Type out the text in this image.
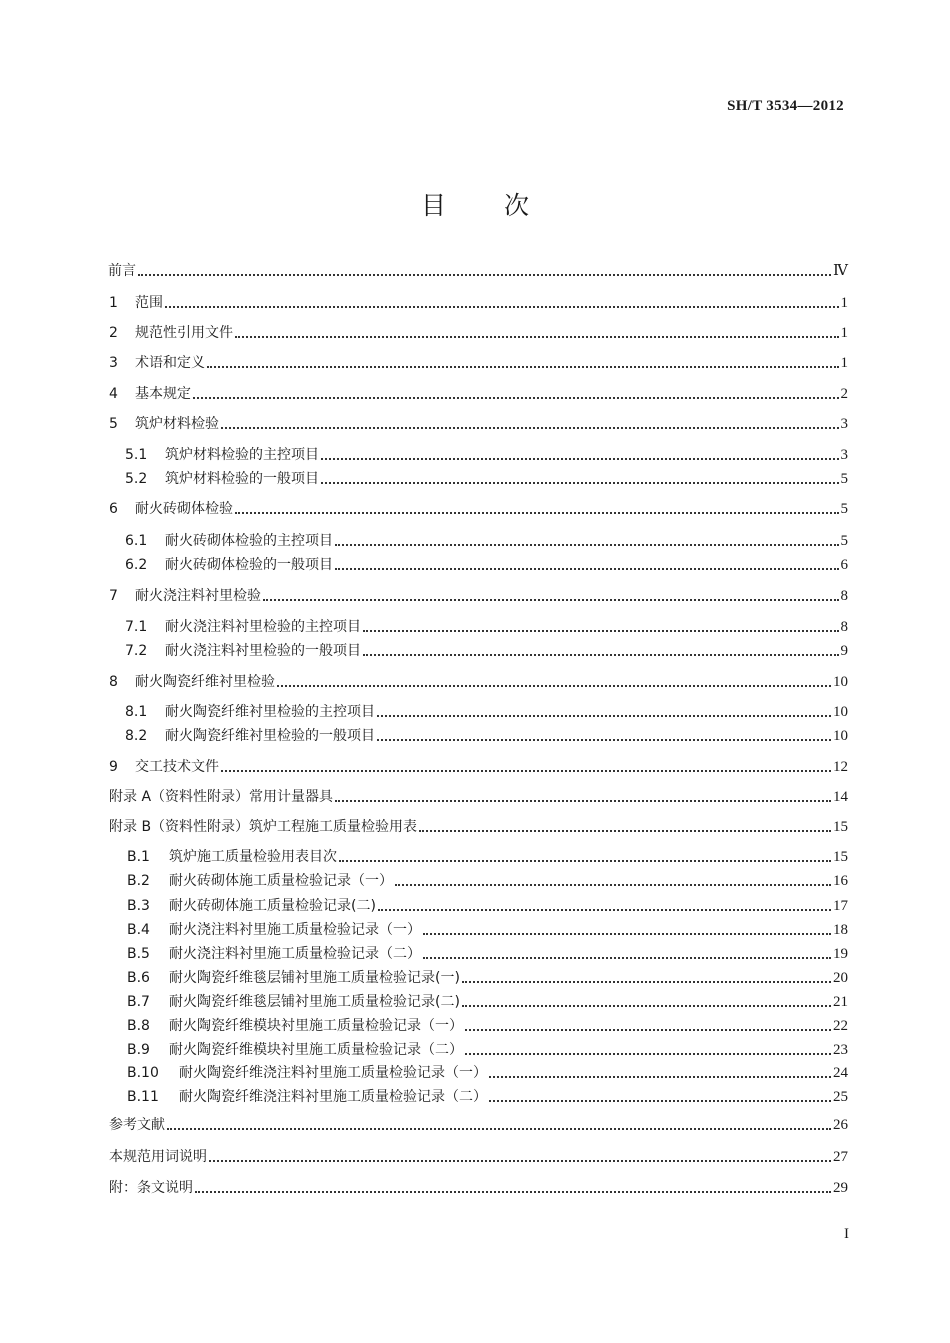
SH/T 3534—2012
目次
前言	Ⅳ
1	范围	1
2	规范性引用文件	1
3	术语和定义	1
4	基本规定	2
5	筑炉材料检验	3
5.1	筑炉材料检验的主控项目	3
5.2	筑炉材料检验的一般项目	5
6	耐火砖砌体检验	5
6.1	耐火砖砌体检验的主控项目	5
6.2	耐火砖砌体检验的一般项目	6
7	耐火浇注料衬里检验	8
7.1	耐火浇注料衬里检验的主控项目	8
7.2	耐火浇注料衬里检验的一般项目	9
8	耐火陶瓷纤维衬里检验	10
8.1	耐火陶瓷纤维衬里检验的主控项目	10
8.2	耐火陶瓷纤维衬里检验的一般项目	10
9	交工技术文件	12
附录 A（资料性附录）常用计量器具	14
附录 B（资料性附录）筑炉工程施工质量检验用表	15
B.1	筑炉施工质量检验用表目次	15
B.2	耐火砖砌体施工质量检验记录（一）	16
B.3	耐火砖砌体施工质量检验记录(二)	17
B.4	耐火浇注料衬里施工质量检验记录（一）	18
B.5	耐火浇注料衬里施工质量检验记录（二）	19
B.6	耐火陶瓷纤维毯层铺衬里施工质量检验记录(一)	20
B.7	耐火陶瓷纤维毯层铺衬里施工质量检验记录(二)	21
B.8	耐火陶瓷纤维模块衬里施工质量检验记录（一）	22
B.9	耐火陶瓷纤维模块衬里施工质量检验记录（二）	23
B.10	耐火陶瓷纤维浇注料衬里施工质量检验记录（一）	24
B.11	耐火陶瓷纤维浇注料衬里施工质量检验记录（二）	25
参考文献	26
本规范用词说明	27
附：条文说明	29
I
